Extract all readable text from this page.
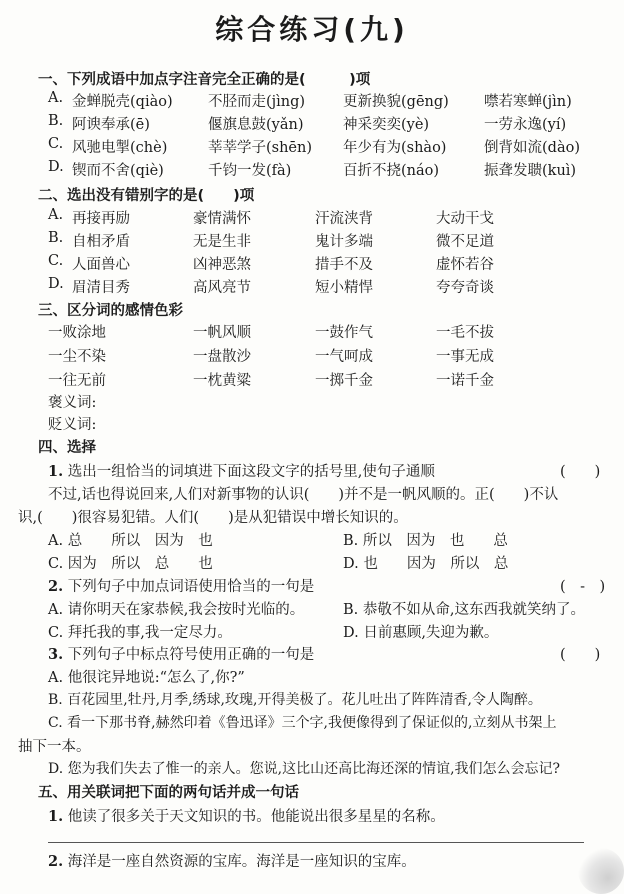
综合练习(九)
一、下列成语中加点字注音完全正确的是(　　　)项
A. 金蝉脱壳(qiào) 不胫而走(jìng)	更新换貌(gēng) 噤若寒蝉(jìn)
B. 阿谀奉承(ē)	偃旗息鼓(yǎn)	神采奕奕(yè)	一劳永逸(yí)
C. 风驰电掣(chè)	莘莘学子(shēn) 年少有为(shào)	倒背如流(dào)
D. 锲而不舍(qiè)	千钧一发(fà)	百折不挠(náo)	振聋发聩(kuì)
二、选出没有错别字的是(　　)项
A. 再接再励	豪情满怀	汗流浃背	大动干戈
B. 自相矛盾	无是生非	鬼计多端	微不足道
C. 人面兽心	凶神恶煞	措手不及	虚怀若谷
D. 眉清目秀	高风亮节	短小精悍	夸夸奇谈
三、区分词的感情色彩
一败涂地	一帆风顺	一鼓作气	一毛不拔
一尘不染	一盘散沙	一气呵成	一事无成
一往无前	一枕黄粱	一掷千金	一诺千金
褒义词:
贬义词:
四、选择
1. 选出一组恰当的词填进下面这段文字的括号里,使句子通顺	(　　)
不过,话也得说回来,人们对新事物的认识(　　)并不是一帆风顺的。正(　　)不认
识,(　　)很容易犯错。人们(　　)是从犯错误中增长知识的。
A. 总　　所以　因为　也	B. 所以　因为　也　　总
C. 因为　所以　总　　也	D. 也　　因为　所以　总
2. 下列句子中加点词语使用恰当的一句是	(　-　)
A. 请你明天在家恭候,我会按时光临的。	B. 恭敬不如从命,这东西我就笑纳了。
C. 拜托我的事,我一定尽力。	D. 日前惠顾,失迎为歉。
3. 下列句子中标点符号使用正确的一句是	(　　)
A. 他很诧异地说:“怎么了,你?”
B. 百花园里,牡丹,月季,绣球,玫瑰,开得美极了。花儿吐出了阵阵清香,令人陶醉。
C. 看一下那书脊,赫然印着《鲁迅译》三个字,我便像得到了保证似的,立刻从书架上
抽下一本。
D. 您为我们失去了惟一的亲人。您说,这比山还高比海还深的情谊,我们怎么会忘记?
五、用关联词把下面的两句话并成一句话
1. 他读了很多关于天文知识的书。他能说出很多星星的名称。
2. 海洋是一座自然资源的宝库。海洋是一座知识的宝库。
